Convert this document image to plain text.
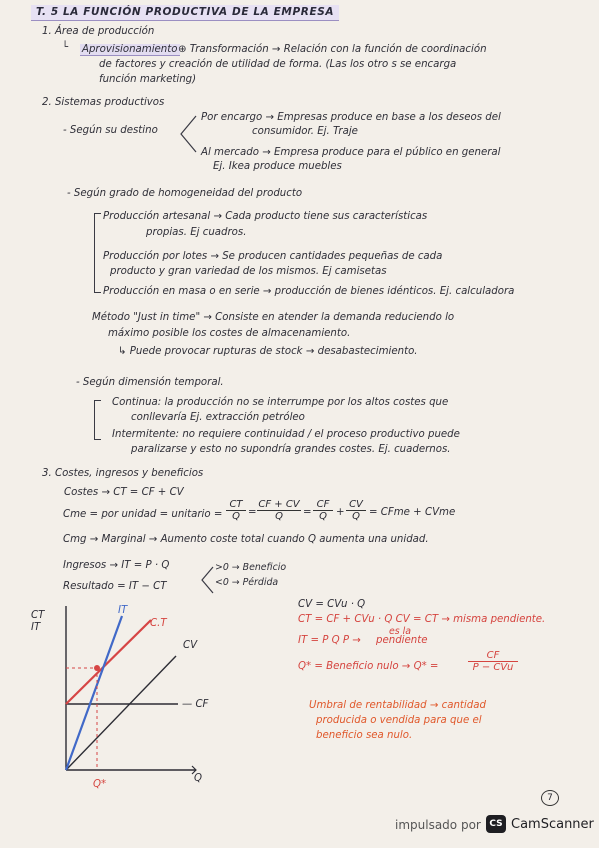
T. 5 LA FUNCIÓN PRODUCTIVA DE LA EMPRESA
1. Área de producción
└ Aprovisionamiento ⊕ Transformación → Relación con la función de coordinación
de factores y creación de utilidad de forma. (Las los otro s se encarga
función marketing)
2. Sistemas productivos
- Según su destino
Por encargo → Empresas produce en base a los deseos del
consumidor. Ej. Traje
Al mercado → Empresa produce para el público en general
Ej. Ikea produce muebles
- Según grado de homogeneidad del producto
Producción artesanal → Cada producto tiene sus características
propias. Ej cuadros.
Producción por lotes → Se producen cantidades pequeñas de cada
producto y gran variedad de los mismos. Ej camisetas
Producción en masa o en serie → producción de bienes idénticos. Ej. calculadora
Método "Just in time" → Consiste en atender la demanda reduciendo lo
máximo posible los costes de almacenamiento.
↳ Puede provocar rupturas de stock → desabastecimiento.
- Según dimensión temporal.
Continua: la producción no se interrumpe por los altos costes que
conllevaría Ej. extracción petróleo
Intermitente: no requiere continuidad / el proceso productivo puede
paralizarse y esto no supondría grandes costes. Ej. cuadernos.
3. Costes, ingresos y beneficios
Costes → CT = CF + CV
Cme = por unidad = unitario = $\frac{CT}{Q} = \frac{CF + CV}{Q} = \frac{CF}{Q} + \frac{CV}{Q}$ = CFme + CVme
Cmg → Marginal → Aumento coste total cuando Q aumenta una unidad.
Ingresos → IT = P · Q
Resultado = IT − CT
>0 → Beneficio
<0 → Pérdida
CT
IT
IT
C.T
CV
— CF
Q
Q*
CV = CVu · Q
CT = CF + CVu · Q CV = CT → misma pendiente.
IT = P Q P →
es la
pendiente
Q* = Beneficio nulo → Q* =
CF
P − CVu
Umbral de rentabilidad → cantidad
producida o vendida para que el
beneficio sea nulo.
7
impulsado por CS CamScanner
